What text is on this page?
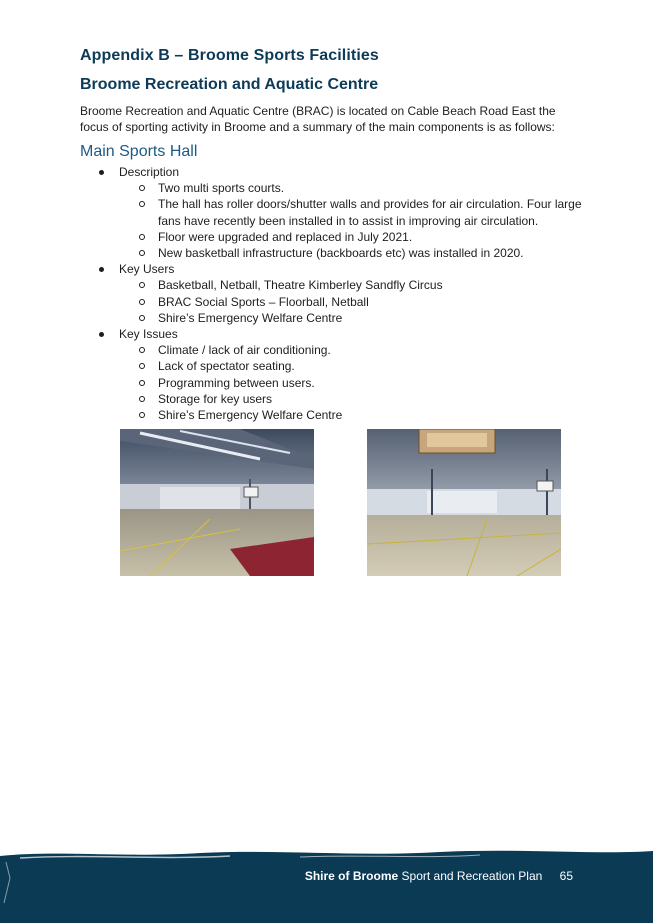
Appendix B – Broome Sports Facilities
Broome Recreation and Aquatic Centre

Broome Recreation and Aquatic Centre (BRAC) is located on Cable Beach Road East the focus of sporting activity in Broome and a summary of the main components is as follows:

Main Sports Hall
Description
Two multi sports courts.
The hall has roller doors/shutter walls and provides for air circulation. Four large fans have recently been installed in to assist in improving air circulation.
Floor were upgraded and replaced in July 2021.
New basketball infrastructure (backboards etc) was installed in 2020.
Key Users
Basketball, Netball, Theatre Kimberley Sandfly Circus
BRAC Social Sports – Floorball, Netball
Shire’s Emergency Welfare Centre
Key Issues
Climate / lack of air conditioning.
Lack of spectator seating.
Programming between users.
Storage for key users
Shire’s Emergency Welfare Centre
Shire of Broome Sport and Recreation Plan 65
